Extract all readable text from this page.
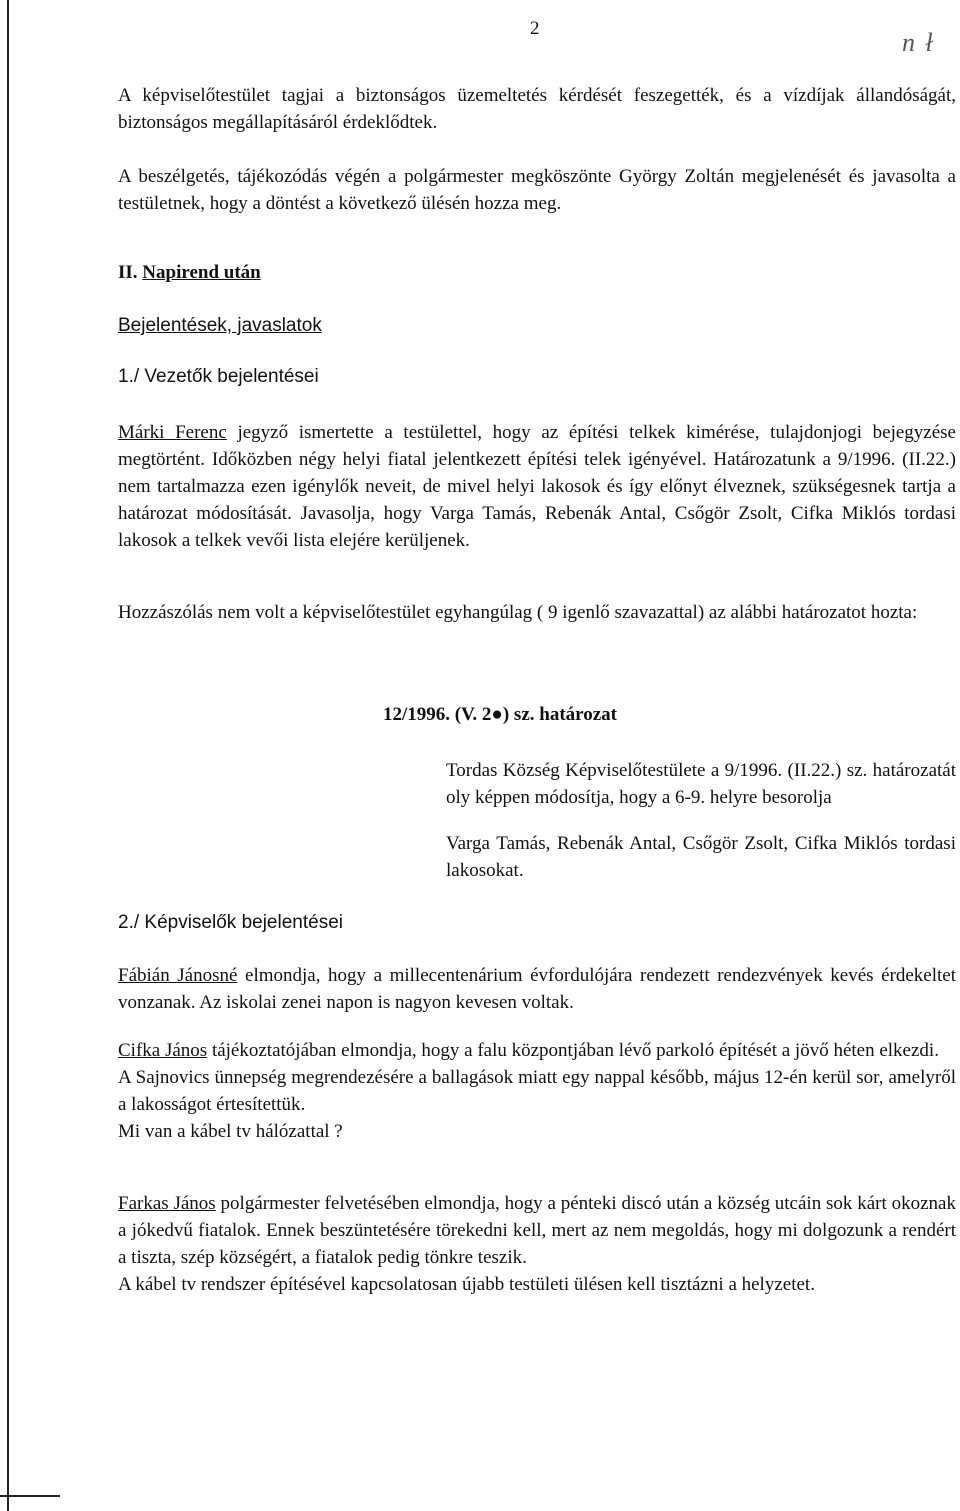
2	n ł

A képviselőtestület tagjai a biztonságos üzemeltetés kérdését feszegették, és a vízdíjak állandóságát, biztonságos megállapításáról érdeklődtek.

A beszélgetés, tájékozódás végén a polgármester megköszönte György Zoltán megjelenését és javasolta a testületnek, hogy a döntést a következő ülésén hozza meg.

II. Napirend után
Bejelentések, javaslatok
1./ Vezetők bejelentései

Márki Ferenc jegyző ismertette a testülettel, hogy az építési telkek kimérése, tulajdonjogi bejegyzése megtörtént. Időközben négy helyi fiatal jelentkezett építési telek igényével. Határozatunk a 9/1996. (II.22.) nem tartalmazza ezen igénylők neveit, de mivel helyi lakosok és így előnyt élveznek, szükségesnek tartja a határozat módosítását. Javasolja, hogy Varga Tamás, Rebenák Antal, Csőgör Zsolt, Cifka Miklós tordasi lakosok a telkek vevői lista elejére kerüljenek.

Hozzászólás nem volt a képviselőtestület egyhangúlag ( 9 igenlő szavazattal) az alábbi határozatot hozta:

12/1996. (V. 2●) sz. határozat

Tordas Község Képviselőtestülete a 9/1996. (II.22.) sz. határozatát oly képpen módosítja, hogy a 6-9. helyre besorolja

Varga Tamás, Rebenák Antal, Csőgör Zsolt, Cifka Miklós tordasi lakosokat.

2./ Képviselők bejelentései

Fábián Jánosné elmondja, hogy a millecentenárium évfordulójára rendezett rendezvények kevés érdekeltet vonzanak. Az iskolai zenei napon is nagyon kevesen voltak.

Cifka János tájékoztatójában elmondja, hogy a falu központjában lévő parkoló építését a jövő héten elkezdi.

A Sajnovics ünnepség megrendezésére a ballagások miatt egy nappal később, május 12-én kerül sor, amelyről a lakosságot értesítettük.

Mi van a kábel tv hálózattal ?

Farkas János polgármester felvetésében elmondja, hogy a pénteki discó után a község utcáin sok kárt okoznak a jókedvű fiatalok. Ennek beszüntetésére törekedni kell, mert az nem megoldás, hogy mi dolgozunk a rendért a tiszta, szép községért, a fiatalok pedig tönkre teszik.

A kábel tv rendszer építésével kapcsolatosan újabb testületi ülésen kell tisztázni a helyzetet.
